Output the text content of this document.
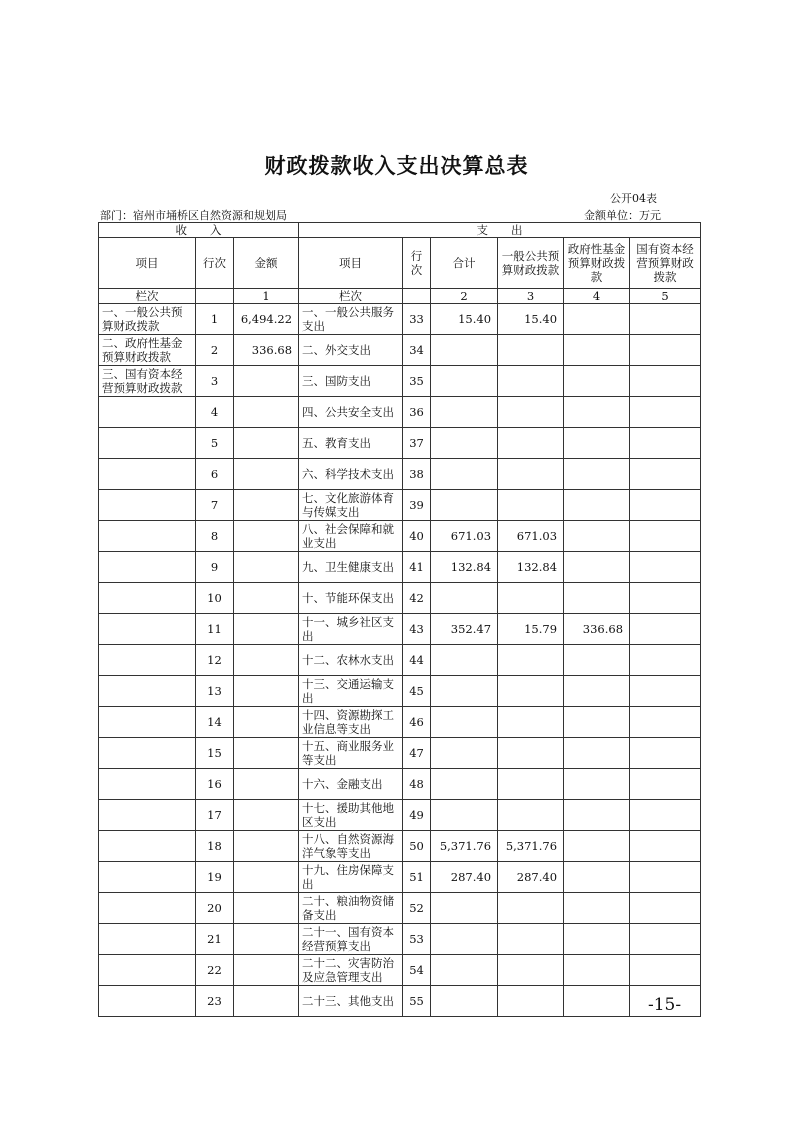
财政拨款收入支出决算总表
公开04表
部门：宿州市埇桥区自然资源和规划局	金额单位：万元
收　　入			支　　出					
项目	行次	金额	项目	行次	合计	一般公共预算财政拨款	政府性基金预算财政拨款	国有资本经营预算财政拨款
栏次		1	栏次		2	3	4	5
一、一般公共预算财政拨款	1	6,494.22	一、一般公共服务支出	33	15.40	15.40		
二、政府性基金预算财政拨款	2	336.68	二、外交支出	34				
三、国有资本经营预算财政拨款	3		三、国防支出	35				
	4		四、公共安全支出	36				
	5		五、教育支出	37				
	6		六、科学技术支出	38				
	7		七、文化旅游体育与传媒支出	39				
	8		八、社会保障和就业支出	40	671.03	671.03		
	9		九、卫生健康支出	41	132.84	132.84		
	10		十、节能环保支出	42				
	11		十一、城乡社区支出	43	352.47	15.79	336.68	
	12		十二、农林水支出	44				
	13		十三、交通运输支出	45				
	14		十四、资源勘探工业信息等支出	46				
	15		十五、商业服务业等支出	47				
	16		十六、金融支出	48				
	17		十七、援助其他地区支出	49				
	18		十八、自然资源海洋气象等支出	50	5,371.76	5,371.76		
	19		十九、住房保障支出	51	287.40	287.40		
	20		二十、粮油物资储备支出	52				
	21		二十一、国有资本经营预算支出	53				
	22		二十二、灾害防治及应急管理支出	54				
	23		二十三、其他支出	55					-15-
